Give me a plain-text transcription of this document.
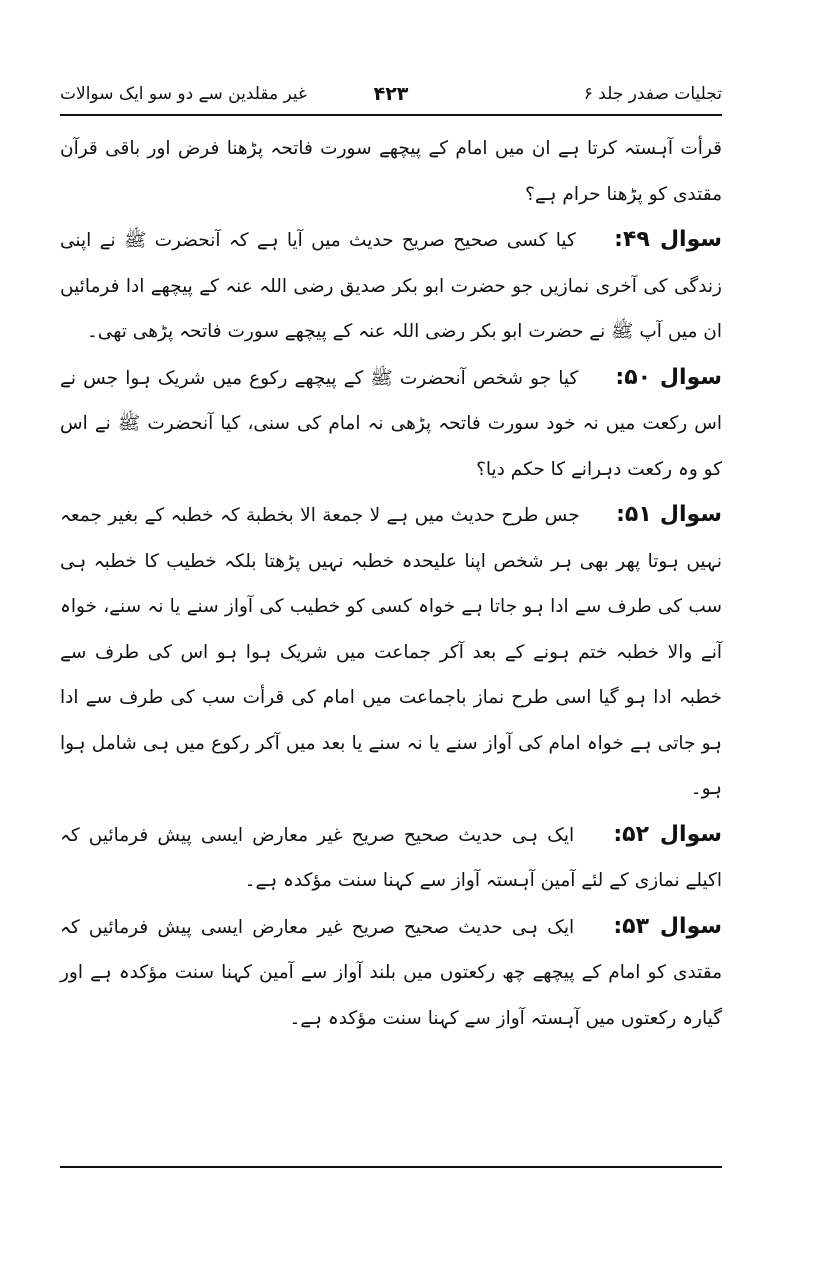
تجلیات صفدر جلد ۶
۴۲۳
غیر مقلدین سے دو سو ایک سوالات

قرأت آہستہ کرتا ہے ان میں امام کے پیچھے سورت فاتحہ پڑھنا فرض اور باقی قرآن مقتدی کو پڑھنا حرام ہے؟

سوال ۴۹: کیا کسی صحیح صریح حدیث میں آیا ہے کہ آنحضرت ﷺ نے اپنی زندگی کی آخری نمازیں جو حضرت ابو بکر صدیق رضی اللہ عنہ کے پیچھے ادا فرمائیں ان میں آپ ﷺ نے حضرت ابو بکر رضی اللہ عنہ کے پیچھے سورت فاتحہ پڑھی تھی۔

سوال ۵۰: کیا جو شخص آنحضرت ﷺ کے پیچھے رکوع میں شریک ہوا جس نے اس رکعت میں نہ خود سورت فاتحہ پڑھی نہ امام کی سنی، کیا آنحضرت ﷺ نے اس کو وہ رکعت دہرانے کا حکم دیا؟

سوال ۵۱: جس طرح حدیث میں ہے لا جمعة الا بخطبة کہ خطبہ کے بغیر جمعہ نہیں ہوتا پھر بھی ہر شخص اپنا علیحدہ خطبہ نہیں پڑھتا بلکہ خطیب کا خطبہ ہی سب کی طرف سے ادا ہو جاتا ہے خواہ کسی کو خطیب کی آواز سنے یا نہ سنے، خواہ آنے والا خطبہ ختم ہونے کے بعد آکر جماعت میں شریک ہوا ہو اس کی طرف سے خطبہ ادا ہو گیا اسی طرح نماز باجماعت میں امام کی قرأت سب کی طرف سے ادا ہو جاتی ہے خواہ امام کی آواز سنے یا نہ سنے یا بعد میں آکر رکوع میں ہی شامل ہوا ہو۔

سوال ۵۲: ایک ہی حدیث صحیح صریح غیر معارض ایسی پیش فرمائیں کہ اکیلے نمازی کے لئے آمین آہستہ آواز سے کہنا سنت مؤکدہ ہے۔

سوال ۵۳: ایک ہی حدیث صحیح صریح غیر معارض ایسی پیش فرمائیں کہ مقتدی کو امام کے پیچھے چھ رکعتوں میں بلند آواز سے آمین کہنا سنت مؤکدہ ہے اور گیارہ رکعتوں میں آہستہ آواز سے کہنا سنت مؤکدہ ہے۔
